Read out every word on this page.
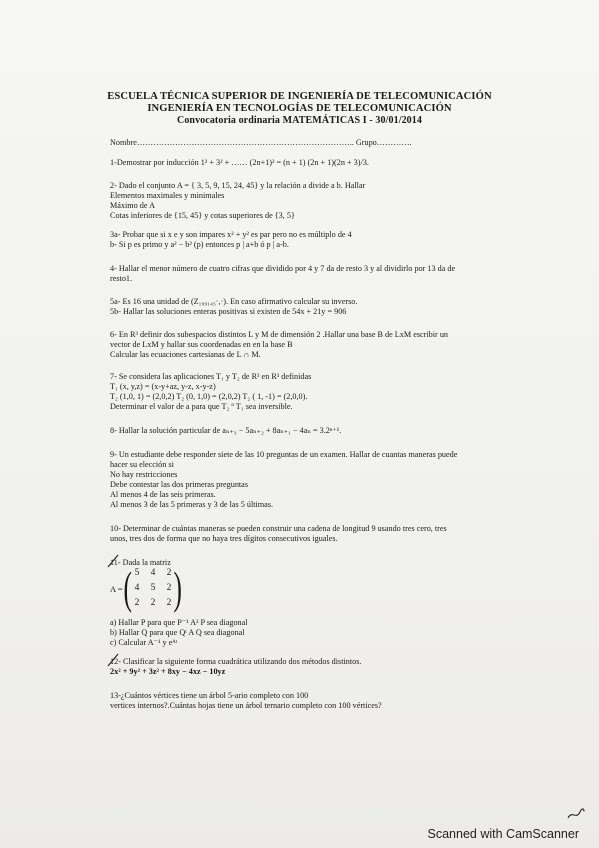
ESCUELA TÉCNICA SUPERIOR DE INGENIERÍA DE TELECOMUNICACIÓN
INGENIERÍA EN TECNOLOGÍAS DE TELECOMUNICACIÓN
Convocatoria ordinaria MATEMÁTICAS I - 30/01/2014
Nombre…………………………………………………………………….. Grupo………….
1-Demostrar por inducción 1² + 3² + …… (2n+1)² = (n + 1) (2n + 1)(2n + 3)/3.
2- Dado el conjunto A = { 3, 5, 9, 15, 24, 45} y la relación a divide a b. Hallar
Elementos maximales y minimales
Máximo de A
Cotas inferiores de {15, 45} y cotas superiores de {3, 5}
3a- Probar que si x e y son impares x² + y² es par pero no es múltiplo de 4
b- Si p es primo y a² − b² (p) entonces p | a+b ó p | a-b.
4- Hallar el menor número de cuatro cifras que dividido por 4 y 7 da de resto 3 y al dividirlo por 13 da de
resto1.
5a- Es 16 una unidad de (Z₁₉₉₁₄₅·,·). En caso afirmativo calcular su inverso.
5b- Hallar las soluciones enteras positivas si existen de 54x + 21y = 906
6- En R³ definir dos subespacios distintos L y M de dimensión 2 .Hallar una base B de LxM escribir un
vector de LxM y hallar sus coordenadas en en la base B
Calcular las ecuaciones cartesianas de L ∩ M.
7- Se considera las aplicaciones T₁ y T₂ de R³ en R³ definidas
T₁ (x, y,z) = (x-y+az, y-z, x-y-z)
T₂ (1,0, 1) = (2,0,2) T₂ (0, 1,0) = (2,0,2) T₂ ( 1, -1) = (2,0,0).
Determinar el valor de a para que T₂ º T₁ sea inversible.
8- Hallar la solución particular de aₙ₊₃ − 5aₙ₊₂ + 8aₙ₊₁ − 4aₙ = 3.2ⁿ⁺¹.
9- Un estudiante debe responder siete de las 10 preguntas de un examen. Hallar de cuantas maneras puede
hacer su elección si
No hay restricciones
Debe contestar las dos primeras preguntas
Al menos 4 de las seis primeras.
Al menos 3 de las 5 primeras y 3 de las 5 últimas.
10- Determinar de cuántas maneras se pueden construir una cadena de longitud 9 usando tres cero, tres
unos, tres dos de forma que no haya tres dígitos consecutivos iguales.
11- Dada la matriz
A = ( 5	4	2
4	5	2
2	2	2 )
a) Hallar P para que P⁻¹ A² P sea diagonal
b) Hallar Q para que Qᵗ A Q sea diagonal
c) Calcular A⁻¹ y eᴬᵗ
12- Clasificar la siguiente forma cuadrática utilizando dos métodos distintos.
2x² + 9y² + 3z² + 8xy − 4xz − 10yz
13-¿Cuántos vértices tiene un árbol 5-ario completo con 100
vertices internos?.Cuántas hojas tiene un árbol ternario completo con 100 vértices?
Scanned with CamScanner
